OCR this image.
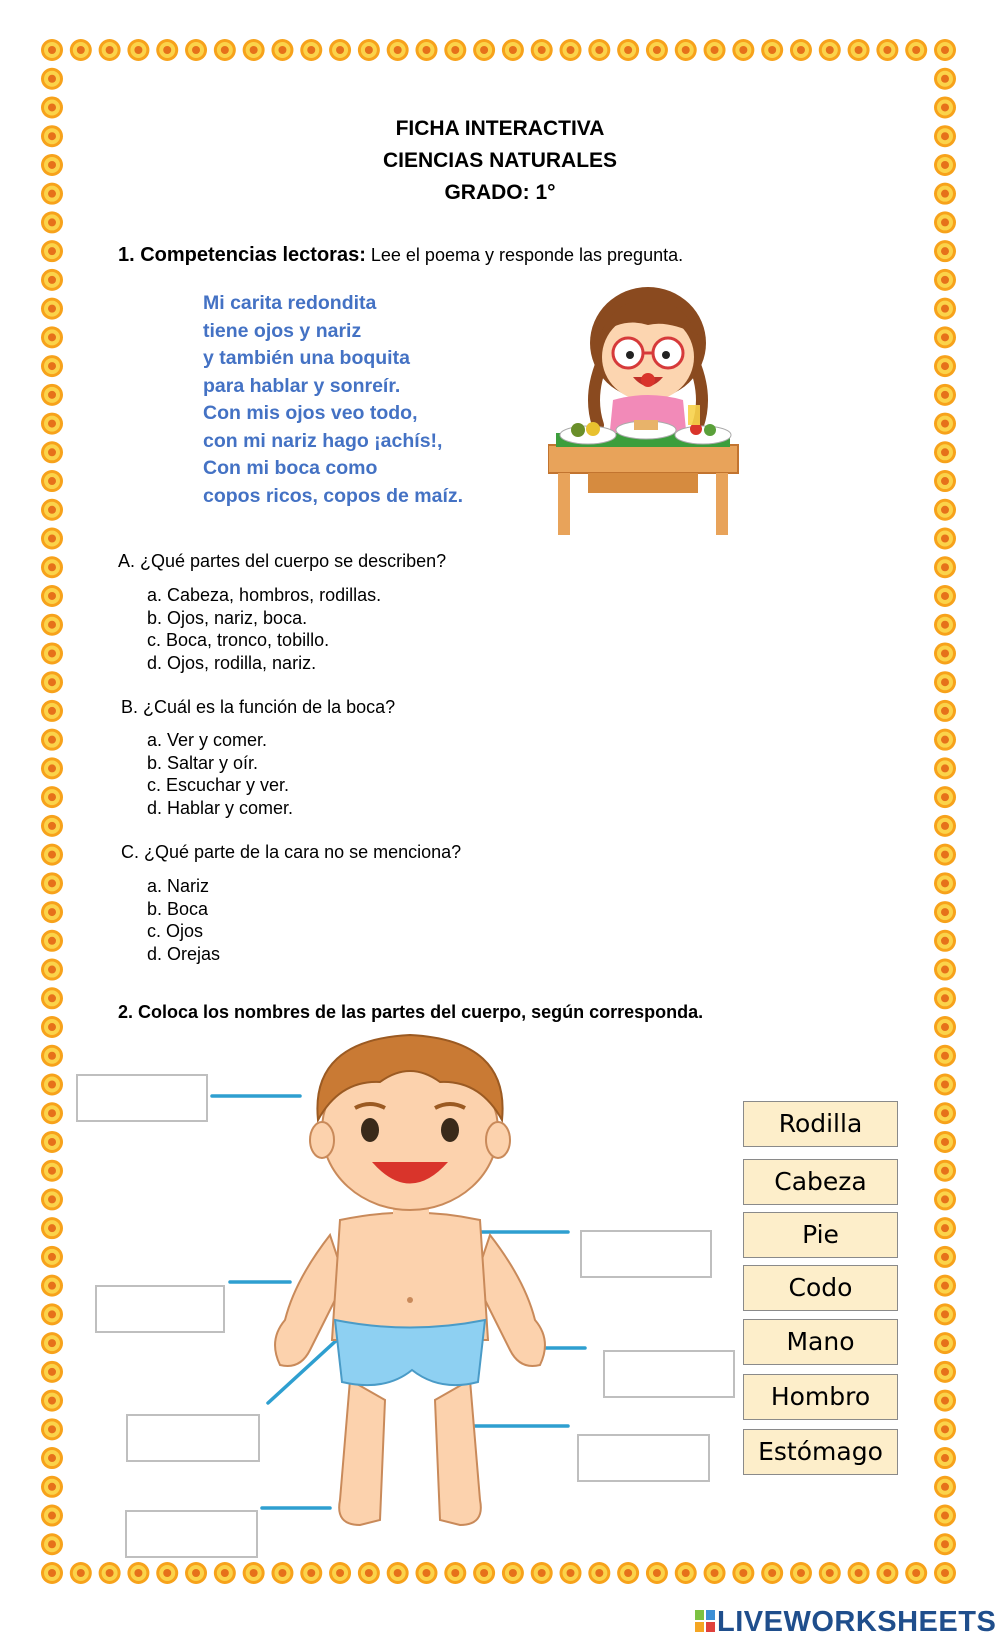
FICHA INTERACTIVA
CIENCIAS NATURALES
GRADO: 1°
1. Competencias lectoras: Lee el poema y responde las pregunta.
Mi carita redondita
tiene ojos y nariz
y también una boquita
para hablar y sonreír.
Con mis ojos veo todo,
con mi nariz hago ¡achís!,
Con mi boca como
copos ricos, copos de maíz.
A. ¿Qué partes del cuerpo se describen?
a. Cabeza, hombros, rodillas.
b. Ojos, nariz, boca.
c. Boca, tronco, tobillo.
d. Ojos, rodilla, nariz.
B. ¿Cuál es la función de la boca?
a. Ver y comer.
b. Saltar y oír.
c. Escuchar y ver.
d. Hablar y comer.
C. ¿Qué parte de la cara no se menciona?
a. Nariz
b. Boca
c. Ojos
d. Orejas
2. Coloca los nombres de las partes del cuerpo, según corresponda.
Rodilla
Cabeza
Pie
Codo
Mano
Hombro
Estómago
LIVEWORKSHEETS
